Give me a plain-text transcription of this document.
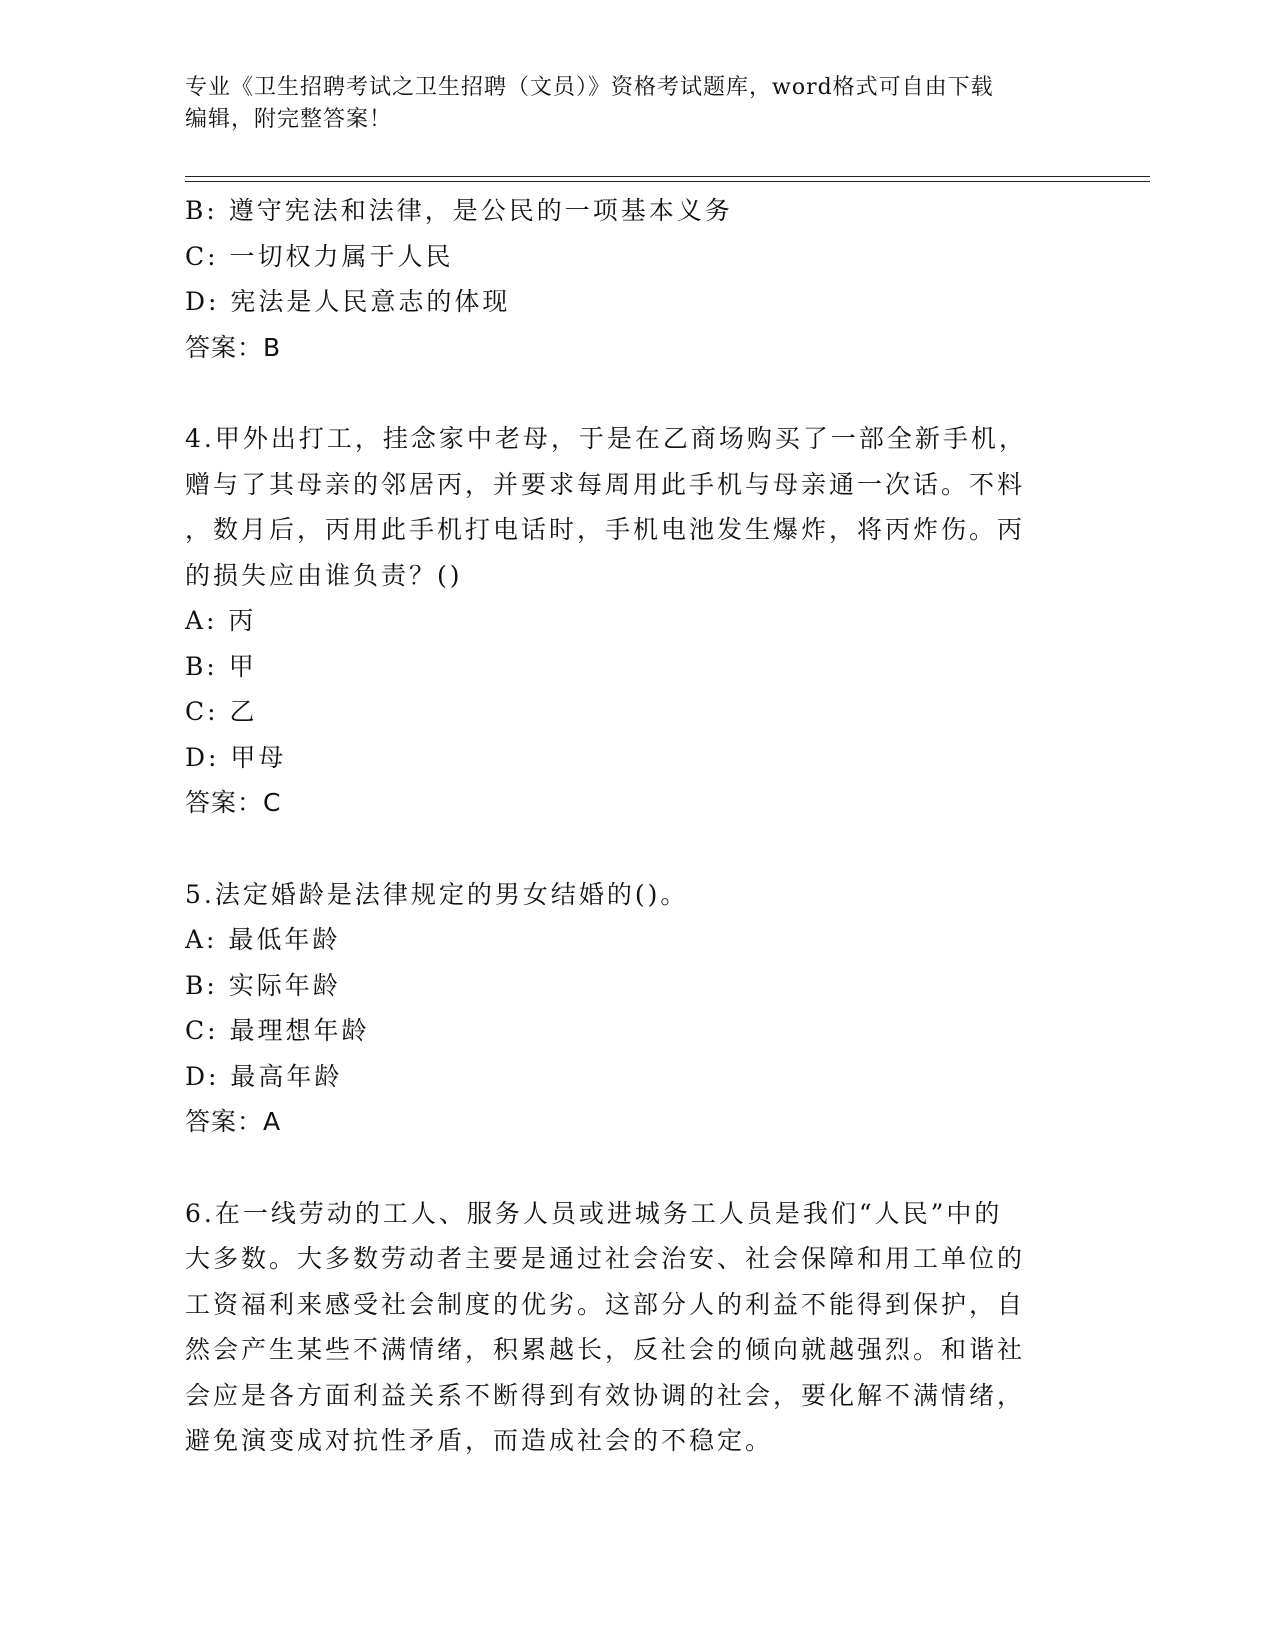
专业《卫生招聘考试之卫生招聘（文员）》资格考试题库，word格式可自由下载
编辑，附完整答案！
B: 遵守宪法和法律，是公民的一项基本义务
C: 一切权力属于人民
D: 宪法是人民意志的体现
答案：B
4.甲外出打工，挂念家中老母，于是在乙商场购买了一部全新手机，
赠与了其母亲的邻居丙，并要求每周用此手机与母亲通一次话。不料
，数月后，丙用此手机打电话时，手机电池发生爆炸，将丙炸伤。丙
的损失应由谁负责？()
A: 丙
B: 甲
C: 乙
D: 甲母
答案：C
5.法定婚龄是法律规定的男女结婚的()。
A: 最低年龄
B: 实际年龄
C: 最理想年龄
D: 最高年龄
答案：A
6.在一线劳动的工人、服务人员或进城务工人员是我们“人民”中的
大多数。大多数劳动者主要是通过社会治安、社会保障和用工单位的
工资福利来感受社会制度的优劣。这部分人的利益不能得到保护，自
然会产生某些不满情绪，积累越长，反社会的倾向就越强烈。和谐社
会应是各方面利益关系不断得到有效协调的社会，要化解不满情绪，
避免演变成对抗性矛盾，而造成社会的不稳定。
